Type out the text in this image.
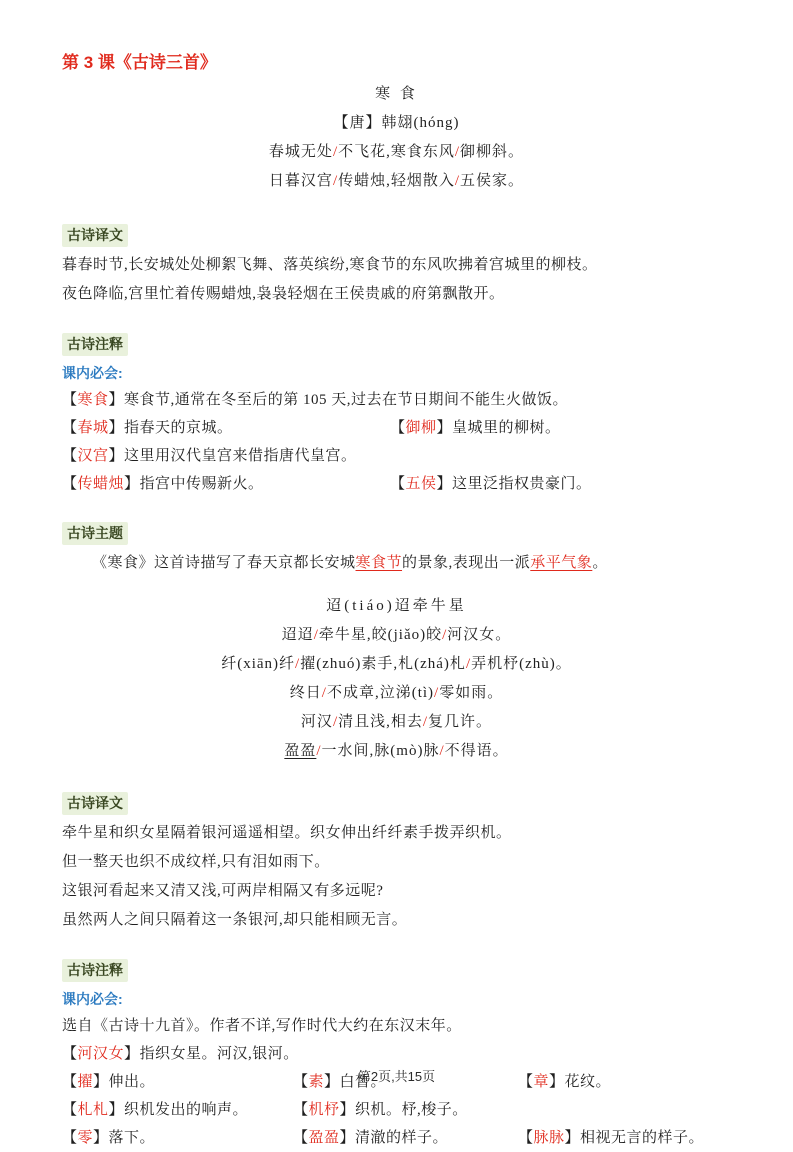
第 3 课《古诗三首》
寒 食
【唐】韩翃(hóng)
春城无处/不飞花,寒食东风/御柳斜。
日暮汉宫/传蜡烛,轻烟散入/五侯家。

古诗译文

暮春时节,长安城处处柳絮飞舞、落英缤纷,寒食节的东风吹拂着宫城里的柳枝。

夜色降临,宫里忙着传赐蜡烛,袅袅轻烟在王侯贵戚的府第飘散开。

古诗注释
课内必会:

【寒食】寒食节,通常在冬至后的第 105 天,过去在节日期间不能生火做饭。

【春城】指春天的京城。	【御柳】皇城里的柳树。

【汉宫】这里用汉代皇宫来借指唐代皇宫。

【传蜡烛】指宫中传赐新火。	【五侯】这里泛指权贵豪门。

古诗主题

《寒食》这首诗描写了春天京都长安城寒食节的景象,表现出一派承平气象。

迢(tiáo)迢牵牛星
迢迢/牵牛星,皎(jiǎo)皎/河汉女。
纤(xiān)纤/擢(zhuó)素手,札(zhá)札/弄机杼(zhù)。
终日/不成章,泣涕(tì)/零如雨。
河汉/清且浅,相去/复几许。
盈盈/一水间,脉(mò)脉/不得语。

古诗译文

牵牛星和织女星隔着银河遥遥相望。织女伸出纤纤素手拨弄织机。

但一整天也织不成纹样,只有泪如雨下。

这银河看起来又清又浅,可两岸相隔又有多远呢?

虽然两人之间只隔着这一条银河,却只能相顾无言。

古诗注释
课内必会:

选自《古诗十九首》。作者不详,写作时代大约在东汉末年。

【河汉女】指织女星。河汉,银河。

【擢】伸出。	【素】白皙。	【章】花纹。

【札札】织机发出的响声。	【机杼】织机。杼,梭子。

【零】落下。	【盈盈】清澈的样子。	【脉脉】相视无言的样子。

第2页,共15页
